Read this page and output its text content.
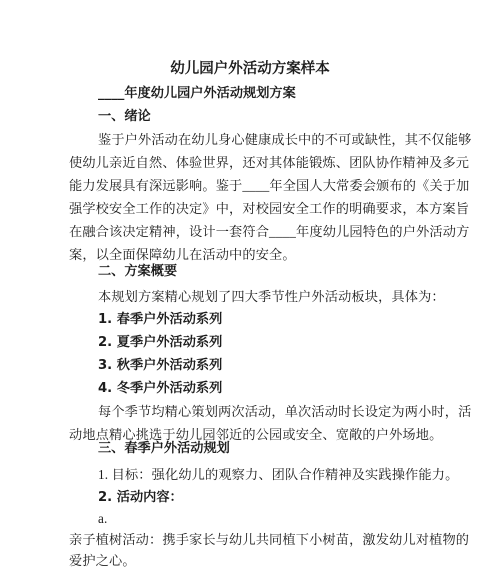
幼儿园户外活动方案样本
____年度幼儿园户外活动规划方案
一、绪论
鉴于户外活动在幼儿身心健康成长中的不可或缺性，其不仅能够
使幼儿亲近自然、体验世界，还对其体能锻炼、团队协作精神及多元
能力发展具有深远影响。鉴于____年全国人大常委会颁布的《关于加
强学校安全工作的决定》中，对校园安全工作的明确要求，本方案旨
在融合该决定精神，设计一套符合____年度幼儿园特色的户外活动方
案，以全面保障幼儿在活动中的安全。
二、方案概要
本规划方案精心规划了四大季节性户外活动板块，具体为：
1. 春季户外活动系列
2. 夏季户外活动系列
3. 秋季户外活动系列
4. 冬季户外活动系列
每个季节均精心策划两次活动，单次活动时长设定为两小时，活
动地点精心挑选于幼儿园邻近的公园或安全、宽敞的户外场地。
三、春季户外活动规划
1. 目标：强化幼儿的观察力、团队合作精神及实践操作能力。
2. 活动内容：
a.
亲子植树活动：携手家长与幼儿共同植下小树苗，激发幼儿对植物的
爱护之心。
